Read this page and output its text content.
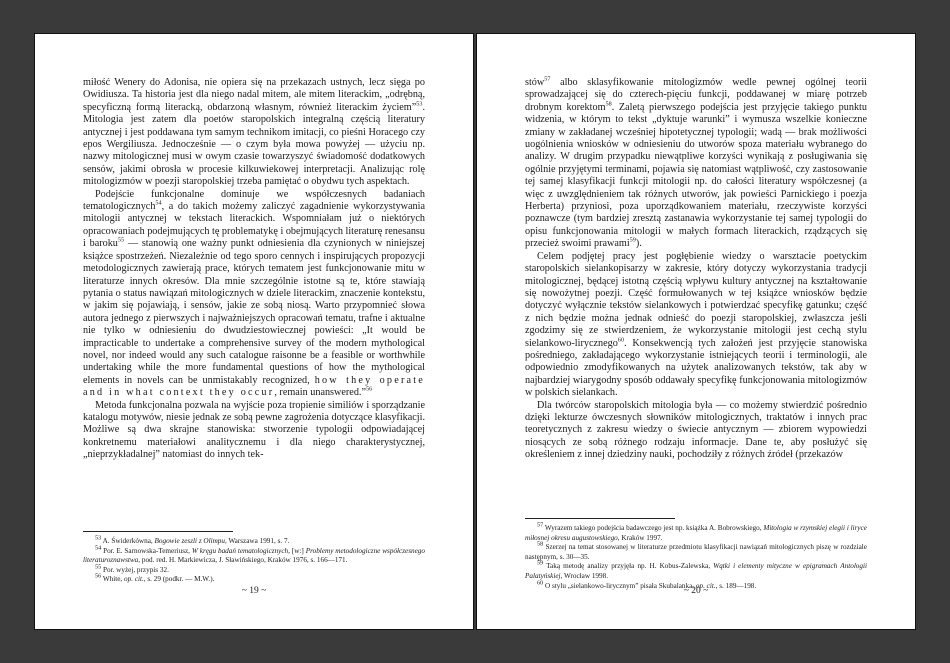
miłość Wenery do Adonisa, nie opiera się na przekazach ustnych, lecz sięga po Owidiusza. Ta historia jest dla niego nadal mitem, ale mitem literackim, „odrębną, specyficzną formą literacką, obdarzoną własnym, również literackim życiem”$^{53}$. Mitologia jest zatem dla poetów staropolskich integralną częścią literatury antycznej i jest poddawana tym samym technikom imitacji, co pieśni Horacego czy epos Wergiliusza. Jednocześnie — o czym była mowa powyżej — użyciu np. nazwy mitologicznej musi w owym czasie towarzyszyć świadomość dodatkowych sensów, jakimi obrosła w procesie kilkuwiekowej interpretacji. Analizując rolę mitologizmów w poezji staropolskiej trzeba pamiętać o obydwu tych aspektach.

Podejście funkcjonalne dominuje we współczesnych badaniach tematologicznych$^{54}$, a do takich możemy zaliczyć zagadnienie wykorzystywania mitologii antycznej w tekstach literackich. Wspomniałam już o niektórych opracowaniach podejmujących tę problematykę i obejmujących literaturę renesansu i baroku$^{55}$ — stanowią one ważny punkt odniesienia dla czynionych w niniejszej książce spostrzeżeń. Niezależnie od tego sporo cennych i inspirujących propozycji metodologicznych zawierają prace, których tematem jest funkcjonowanie mitu w literaturze innych okresów. Dla mnie szczególnie istotne są te, które stawiają pytania o status nawiązań mitologicznych w dziele literackim, znaczenie kontekstu, w jakim się pojawiają, i sensów, jakie ze sobą niosą. Warto przypomnieć słowa autora jednego z pierwszych i najważniejszych opracowań tematu, trafne i aktualne nie tylko w odniesieniu do dwudziestowiecznej powieści: „It would be impracticable to undertake a comprehensive survey of the modern mythological novel, nor indeed would any such catalogue raisonne be a feasible or worthwhile undertaking while the more fundamental questions of how the mythological elements in novels can be unmistakably recognized, how they operate and in what context they occur, remain unanswered.”$^{56}$

Metoda funkcjonalna pozwala na wyjście poza tropienie similiów i sporządzanie katalogu motywów, niesie jednak ze sobą pewne zagrożenia dotyczące klasyfikacji. Możliwe są dwa skrajne stanowiska: stworzenie typologii odpowiadającej konkretnemu materiałowi analitycznemu i dla niego charakterystycznej, „nieprzykładalnej” natomiast do innych tek-

$^{53}$ A. Świderkówna, Bogowie zeszli z Olimpu, Warszawa 1991, s. 7.

$^{54}$ Por. E. Sarnowska-Temeriusz, W kręgu badań tematologicznych, [w:] Problemy metodologiczne współczesnego literaturoznawstwa, pod. red. H. Markiewicza, J. Sławińskiego, Kraków 1976, s. 166—171.

$^{55}$ Por. wyżej, przypis 32.

$^{56}$ White, op. cit., s. 29 (podkr. — M.W.).

~ 19 ~

stów$^{57}$ albo sklasyfikowanie mitologizmów wedle pewnej ogólnej teorii sprowadzającej się do czterech-pięciu funkcji, poddawanej w miarę potrzeb drobnym korektom$^{58}$. Zaletą pierwszego podejścia jest przyjęcie takiego punktu widzenia, w którym to tekst „dyktuje warunki” i wymusza wszelkie konieczne zmiany w zakładanej wcześniej hipotetycznej typologii; wadą — brak możliwości uogólnienia wniosków w odniesieniu do utworów spoza materiału wybranego do analizy. W drugim przypadku niewątpliwe korzyści wynikają z posługiwania się ogólnie przyjętymi terminami, pojawia się natomiast wątpliwość, czy zastosowanie tej samej klasyfikacji funkcji mitologii np. do całości literatury współczesnej (a więc z uwzględnieniem tak różnych utworów, jak powieści Parnickiego i poezja Herberta) przyniosi, poza uporządkowaniem materiału, rzeczywiste korzyści poznawcze (tym bardziej zresztą zastanawia wykorzystanie tej samej typologii do opisu funkcjonowania mitologii w małych formach literackich, rządzących się przecież swoimi prawami$^{59}$).

Celem podjętej pracy jest pogłębienie wiedzy o warsztacie poetyckim staropolskich sielankopisarzy w zakresie, który dotyczy wykorzystania tradycji mitologicznej, będącej istotną częścią wpływu kultury antycznej na kształtowanie się nowożytnej poezji. Część formułowanych w tej książce wniosków będzie dotyczyć wyłącznie tekstów sielankowych i potwierdzać specyfikę gatunku; część z nich będzie można jednak odnieść do poezji staropolskiej, zwłaszcza jeśli zgodzimy się ze stwierdzeniem, że wykorzystanie mitologii jest cechą stylu sielankowo-lirycznego$^{60}$. Konsekwencją tych założeń jest przyjęcie stanowiska pośredniego, zakładającego wykorzystanie istniejących teorii i terminologii, ale odpowiednio zmodyfikowanych na użytek analizowanych tekstów, tak aby w najbardziej wiarygodny sposób oddawały specyfikę funkcjonowania mitologizmów w polskich sielankach.

Dla twórców staropolskich mitologia była — co możemy stwierdzić pośrednio dzięki lekturze ówczesnych słowników mitologicznych, traktatów i innych prac teoretycznych z zakresu wiedzy o świecie antycznym — zbiorem wypowiedzi niosących ze sobą różnego rodzaju informacje. Dane te, aby posłużyć się określeniem z innej dziedziny nauki, pochodziły z różnych źródeł (przekazów

$^{57}$ Wyrazem takiego podejścia badawczego jest np. książka A. Bobrowskiego, Mitologia w rzymskiej elegii i liryce miłosnej okresu augustowskiego, Kraków 1997.

$^{58}$ Szerzej na temat stosowanej w literaturze przedmiotu klasyfikacji nawiązań mitologicznych piszę w rozdziale następnym, s. 30—35.

$^{59}$ Taką metodę analizy przyjęła np. H. Kobus-Zalewska, Wątki i elementy mityczne w epigramach Antologii Palatyńskiej, Wrocław 1998.

$^{60}$ O stylu „sielankowo-lirycznym” pisała Skubalanka, op. cit., s. 189—198.

~ 20 ~
